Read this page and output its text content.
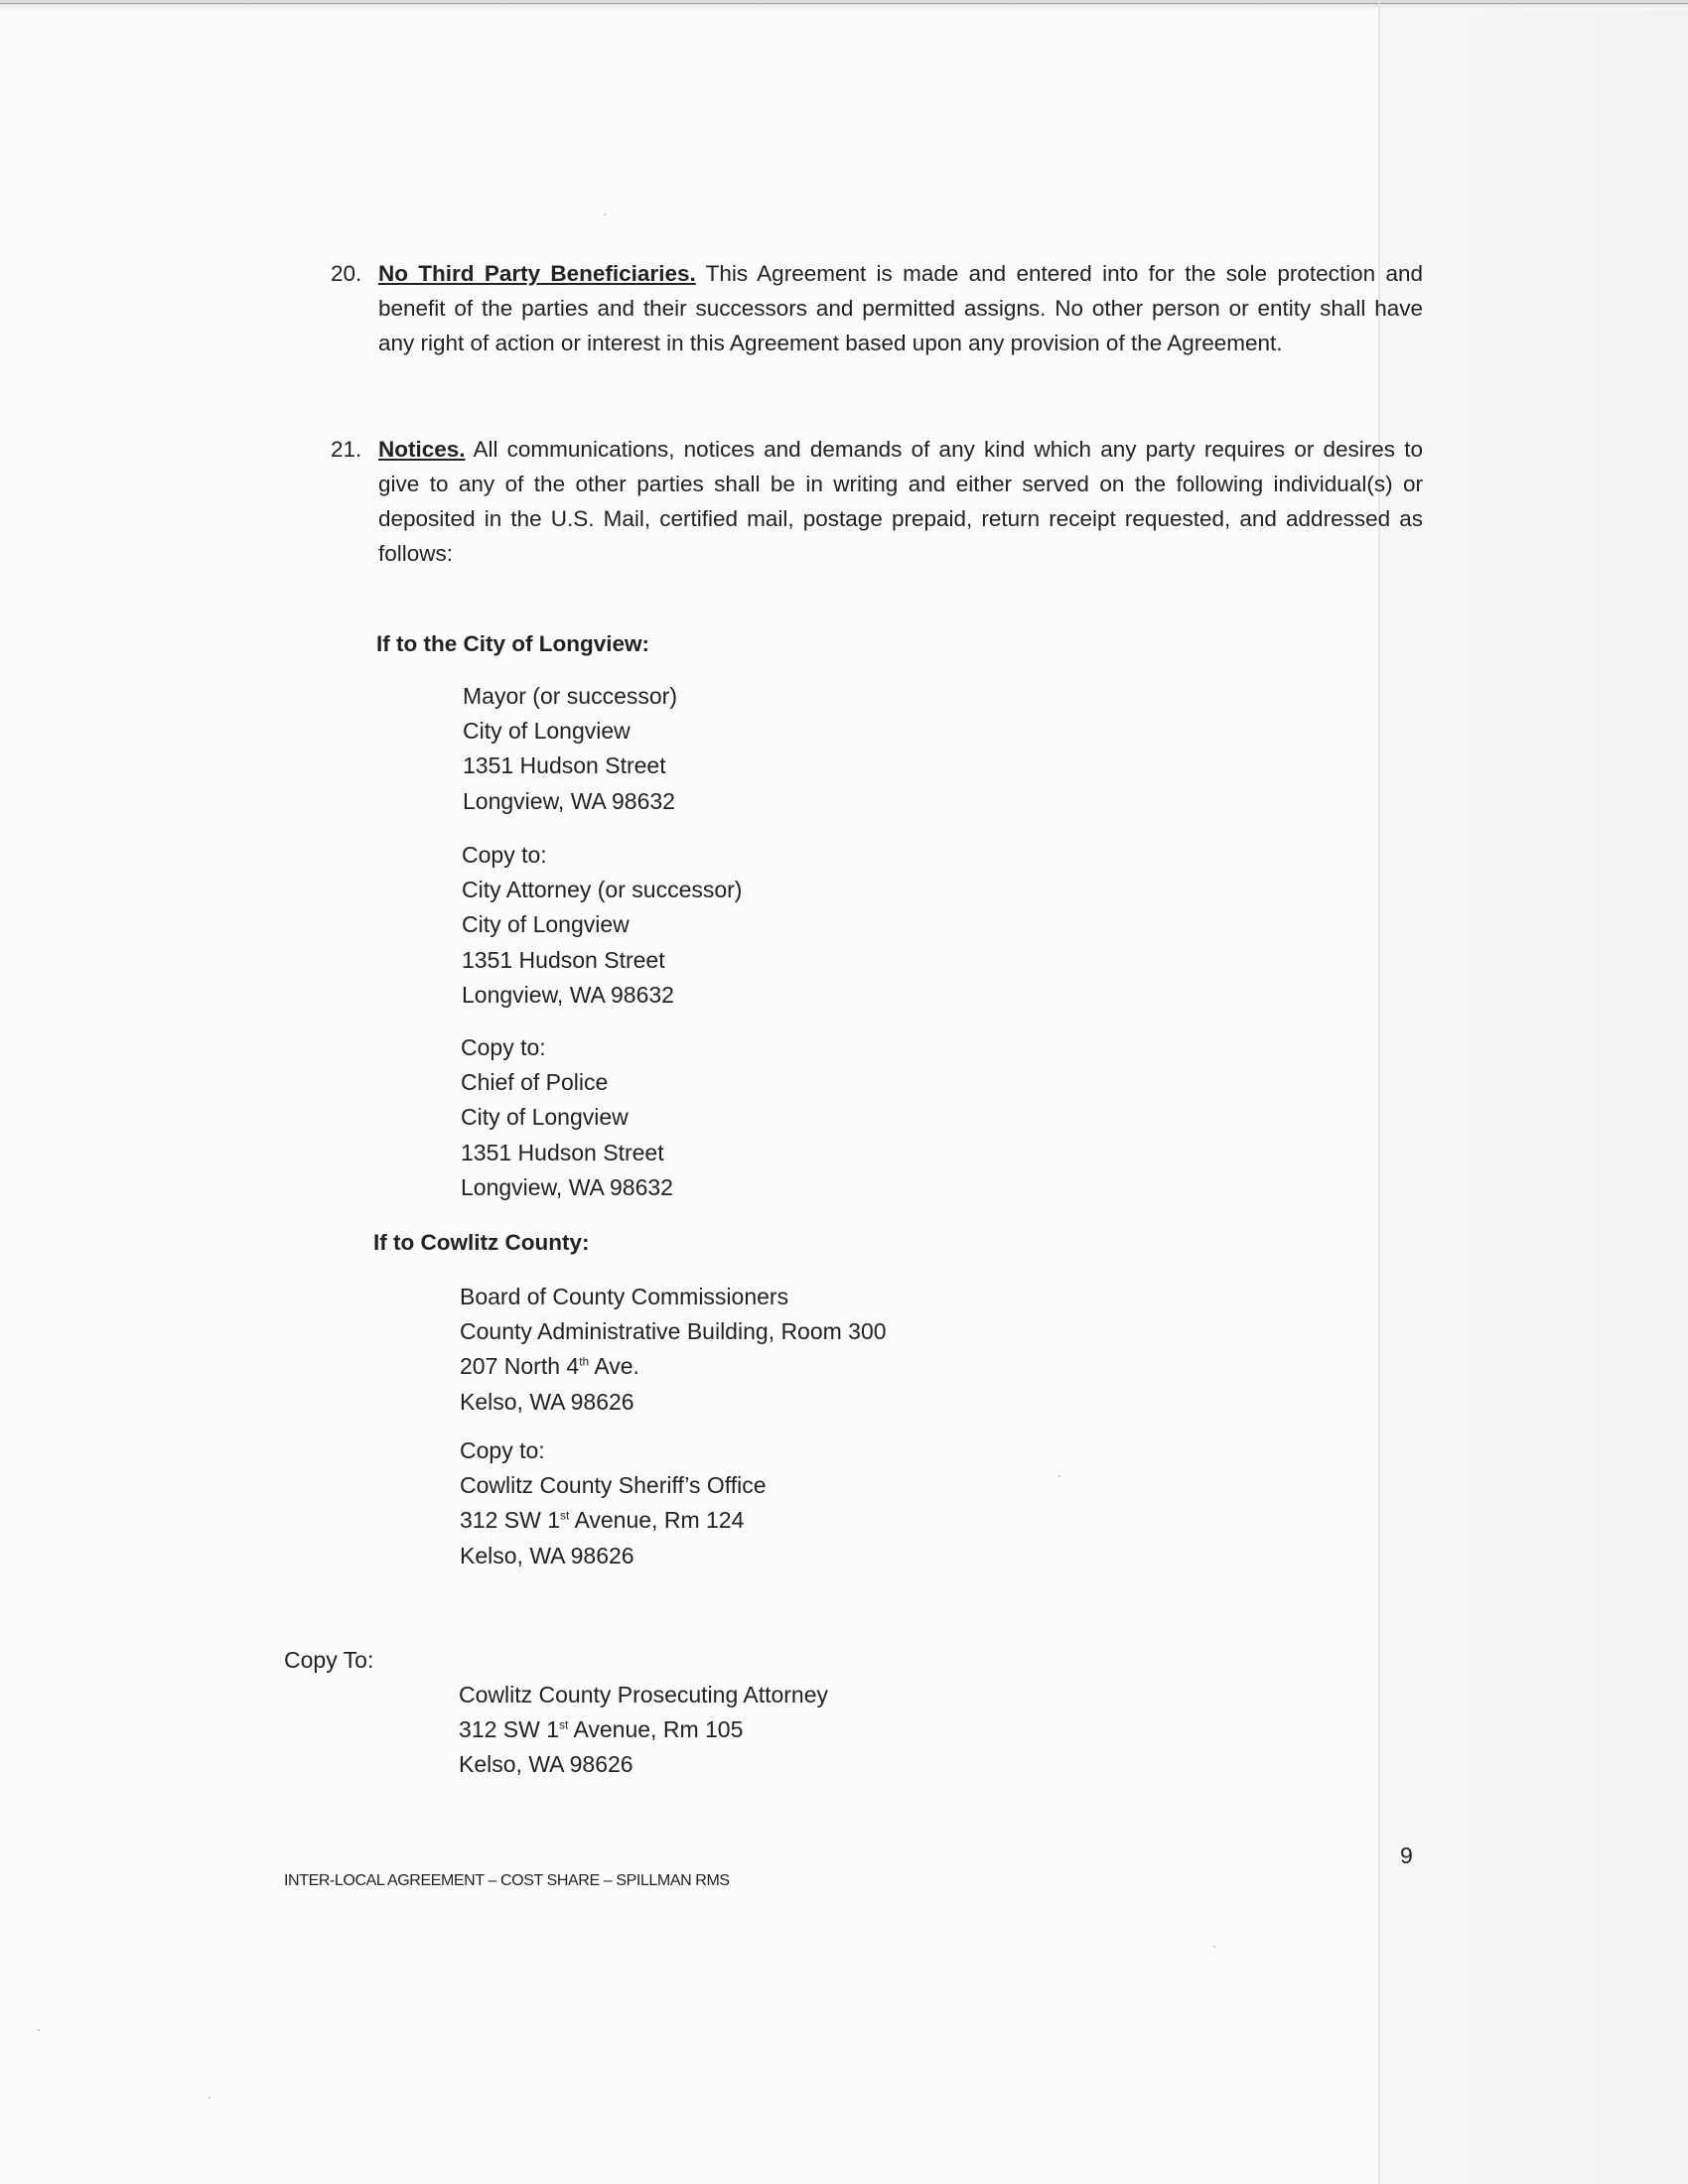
20. No Third Party Beneficiaries. This Agreement is made and entered into for the sole protection and benefit of the parties and their successors and permitted assigns. No other person or entity shall have any right of action or interest in this Agreement based upon any provision of the Agreement.
21. Notices. All communications, notices and demands of any kind which any party requires or desires to give to any of the other parties shall be in writing and either served on the following individual(s) or deposited in the U.S. Mail, certified mail, postage prepaid, return receipt requested, and addressed as follows:
If to the City of Longview:
Mayor (or successor)
City of Longview
1351 Hudson Street
Longview, WA 98632
Copy to:
City Attorney (or successor)
City of Longview
1351 Hudson Street
Longview, WA 98632
Copy to:
Chief of Police
City of Longview
1351 Hudson Street
Longview, WA 98632
If to Cowlitz County:
Board of County Commissioners
County Administrative Building, Room 300
207 North 4th Ave.
Kelso, WA 98626
Copy to:
Cowlitz County Sheriff’s Office
312 SW 1st Avenue, Rm 124
Kelso, WA 98626
Copy To:
Cowlitz County Prosecuting Attorney
312 SW 1st Avenue, Rm 105
Kelso, WA 98626
9
INTER-LOCAL AGREEMENT – COST SHARE – SPILLMAN RMS
